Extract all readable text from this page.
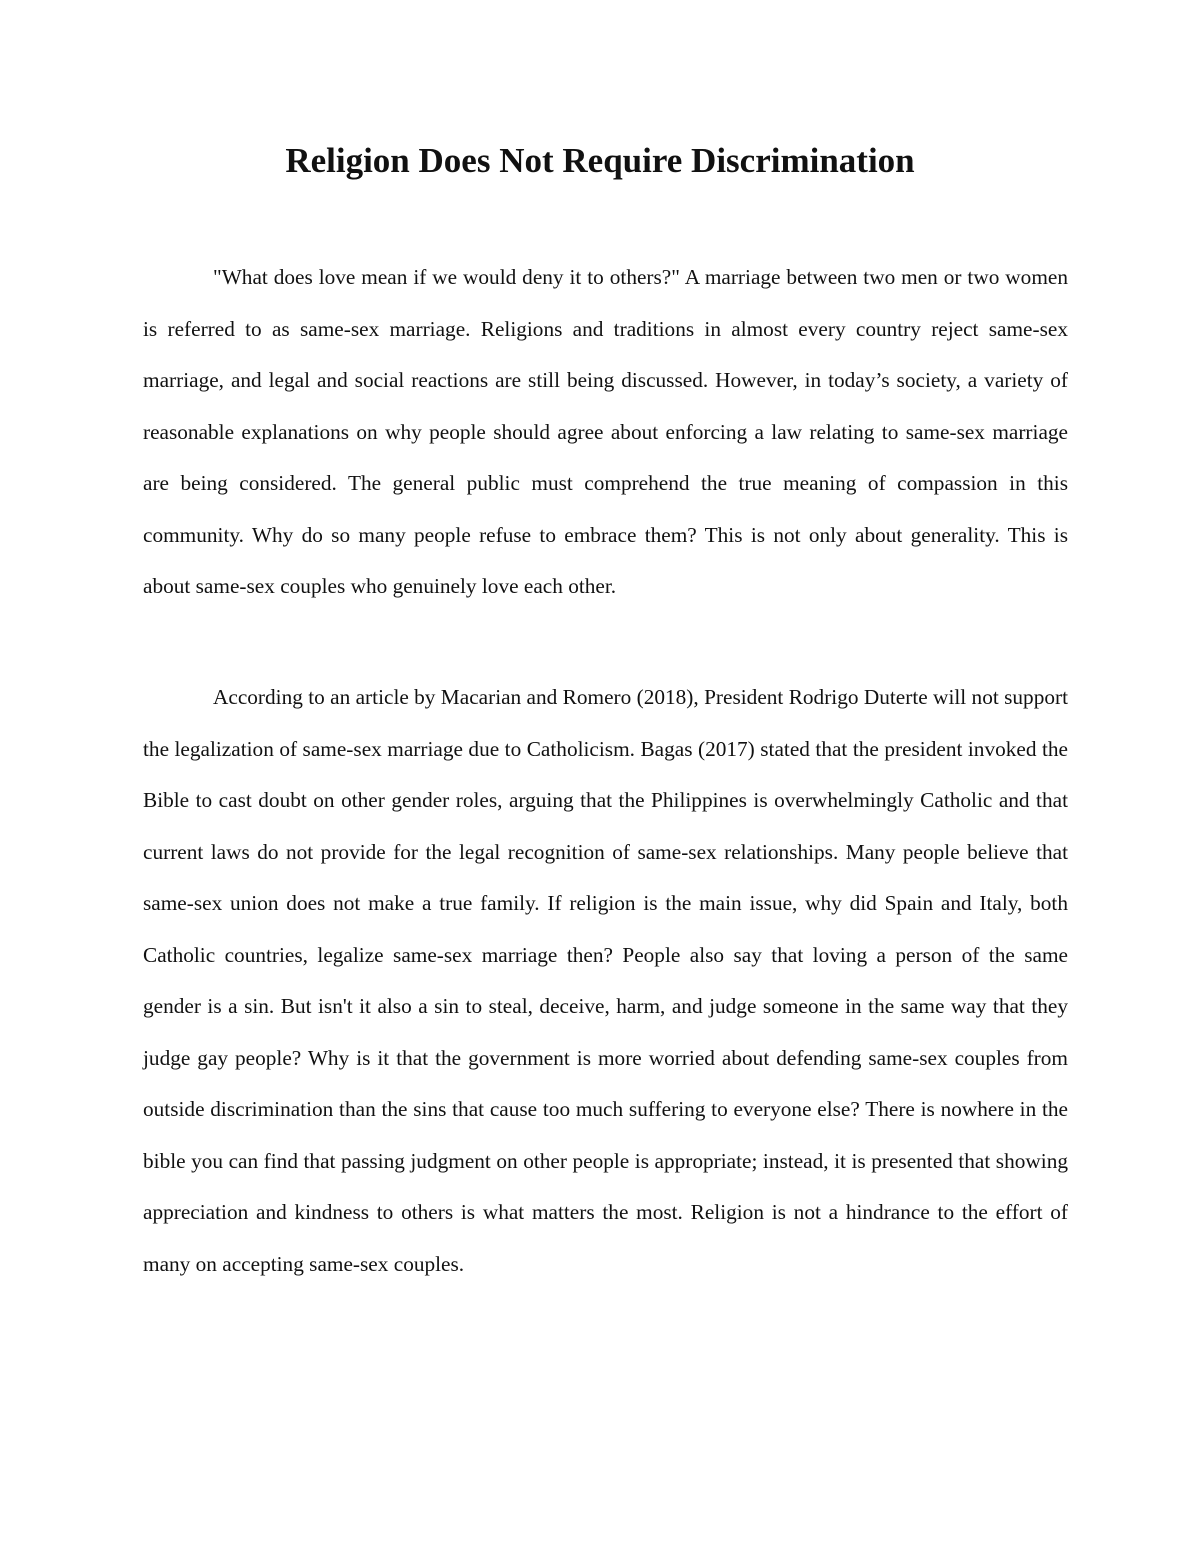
Religion Does Not Require Discrimination

"What does love mean if we would deny it to others?" A marriage between two men or two women is referred to as same-sex marriage. Religions and traditions in almost every country reject same-sex marriage, and legal and social reactions are still being discussed. However, in today’s society, a variety of reasonable explanations on why people should agree about enforcing a law relating to same-sex marriage are being considered. The general public must comprehend the true meaning of compassion in this community. Why do so many people refuse to embrace them? This is not only about generality. This is about same-sex couples who genuinely love each other.

According to an article by Macarian and Romero (2018), President Rodrigo Duterte will not support the legalization of same-sex marriage due to Catholicism. Bagas (2017) stated that the president invoked the Bible to cast doubt on other gender roles, arguing that the Philippines is overwhelmingly Catholic and that current laws do not provide for the legal recognition of same-sex relationships. Many people believe that same-sex union does not make a true family. If religion is the main issue, why did Spain and Italy, both Catholic countries, legalize same-sex marriage then? People also say that loving a person of the same gender is a sin. But isn't it also a sin to steal, deceive, harm, and judge someone in the same way that they judge gay people? Why is it that the government is more worried about defending same-sex couples from outside discrimination than the sins that cause too much suffering to everyone else? There is nowhere in the bible you can find that passing judgment on other people is appropriate; instead, it is presented that showing appreciation and kindness to others is what matters the most. Religion is not a hindrance to the effort of many on accepting same-sex couples.
